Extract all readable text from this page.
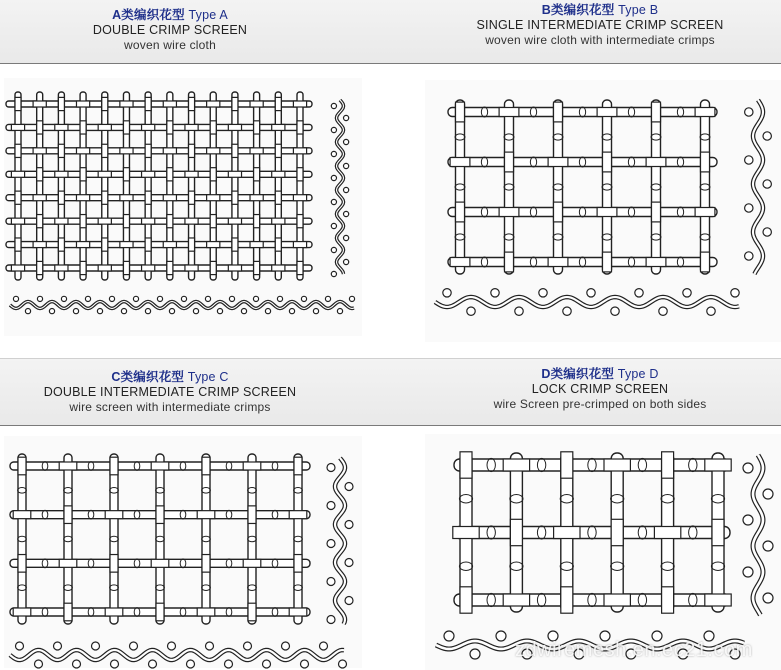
A类编织花型 Type A
DOUBLE CRIMP SCREEN
woven wire cloth
B类编织花型 Type B
SINGLE INTERMEDIATE CRIMP SCREEN
woven wire cloth with intermediate crimps
C类编织花型 Type C
DOUBLE INTERMEDIATE CRIMP SCREEN
wire screen with intermediate crimps
D类编织花型 Type D
LOCK CRIMP SCREEN
wire Screen pre-crimped on both sides
zdwiremesh.en.ec21.com
